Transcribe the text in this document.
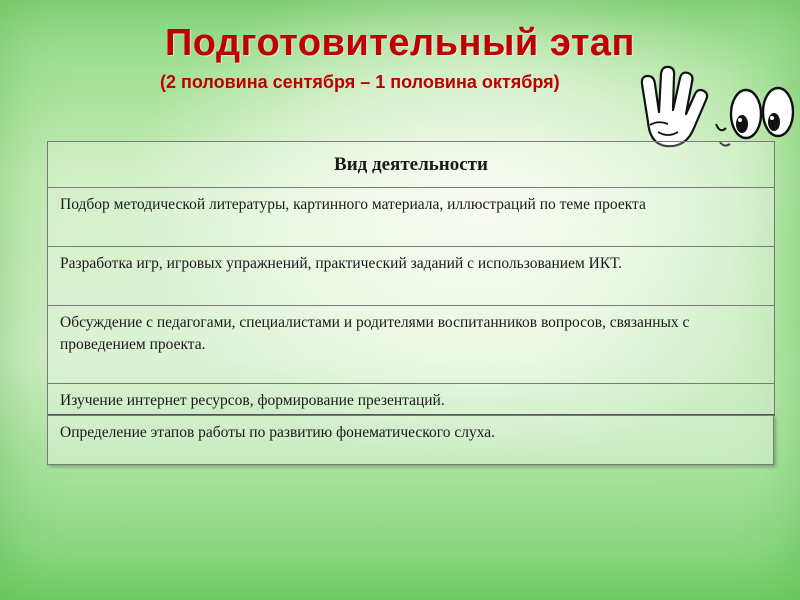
Подготовительный этап
(2 половина сентября – 1 половина октября)
Вид деятельности
Подбор методической литературы, картинного материала, иллюстраций по теме проекта
Разработка игр, игровых упражнений, практический заданий с использованием ИКТ.
Обсуждение с педагогами, специалистами и родителями воспитанников вопросов, связанных с проведением проекта.
Изучение интернет ресурсов, формирование презентаций.
Определение этапов работы по развитию фонематического слуха.
